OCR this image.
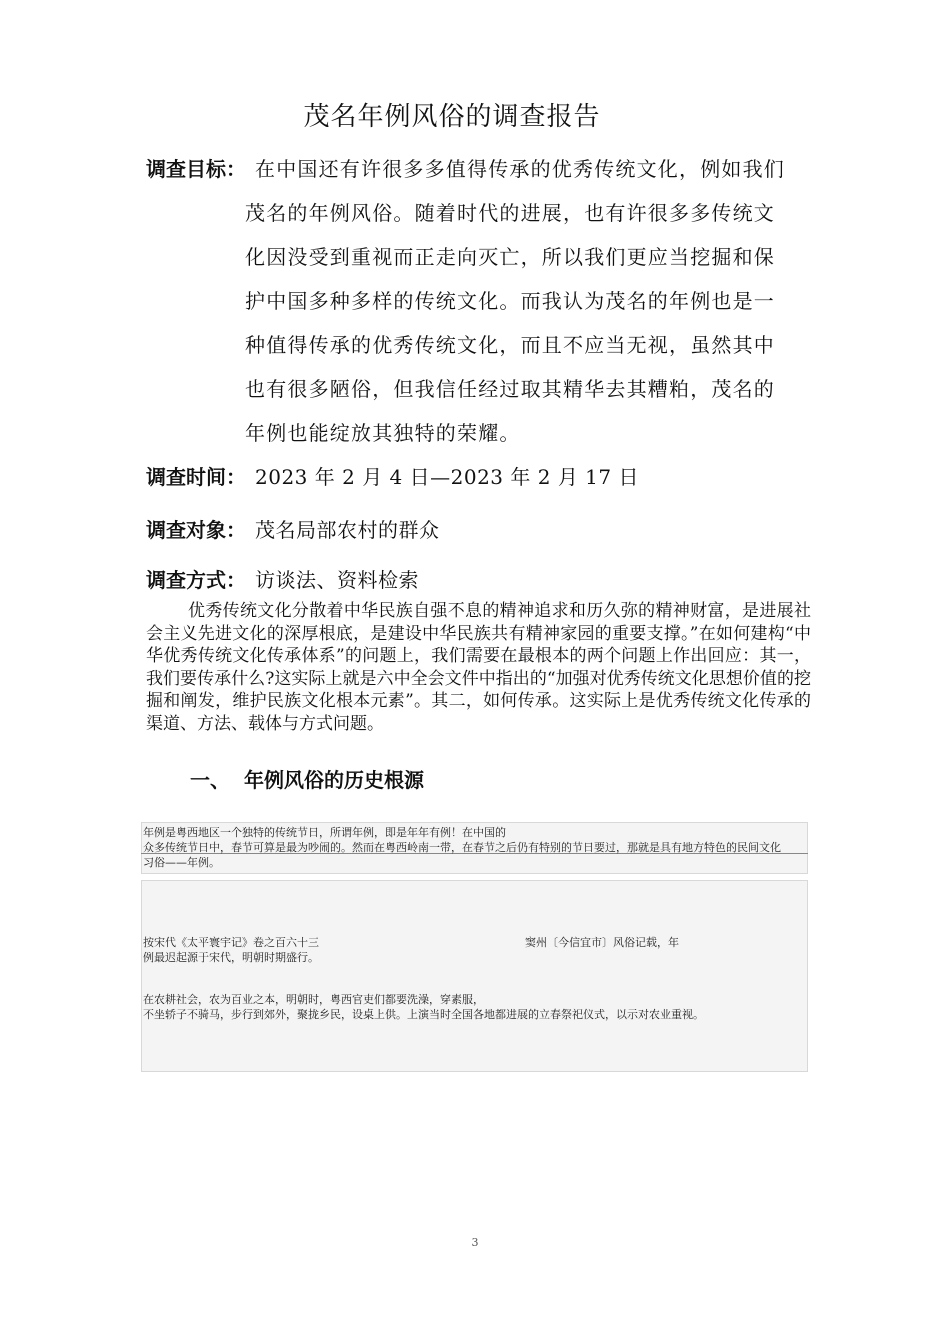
茂名年例风俗的调查报告
调查目标： 在中国还有许很多多值得传承的优秀传统文化，例如我们
茂名的年例风俗。随着时代的进展，也有许很多多传统文
化因没受到重视而正走向灭亡，所以我们更应当挖掘和保
护中国多种多样的传统文化。而我认为茂名的年例也是一
种值得传承的优秀传统文化，而且不应当无视，虽然其中
也有很多陋俗，但我信任经过取其精华去其糟粕，茂名的
年例也能绽放其独特的荣耀。
调查时间： 2023 年 2 月 4 日—2023 年 2 月 17 日
调查对象： 茂名局部农村的群众
调查方式： 访谈法、资料检索
优秀传统文化分散着中华民族自强不息的精神追求和历久弥的精神财富，是进展社会主义先进文化的深厚根底，是建设中华民族共有精神家园的重要支撑。”在如何建构“中华优秀传统文化传承体系”的问题上，我们需要在最根本的两个问题上作出回应：其一，我们要传承什么?这实际上就是六中全会文件中指出的“加强对优秀传统文化思想价值的挖掘和阐发，维护民族文化根本元素”。其二，如何传承。这实际上是优秀传统文化传承的渠道、方法、载体与方式问题。
一、 年例风俗的历史根源
年例是粤西地区一个独特的传统节日，所谓年例，即是年年有例！在中国的
众多传统节日中，春节可算是最为吵闹的。然而在粤西岭南一带，在春节之后仍有特别的节日要过，那就是具有地方特色的民间文化
习俗——年例。
按宋代《太平寰宇记》卷之百六十三	窦州〔今信宜市〕风俗记载，年
例最迟起源于宋代，明朝时期盛行。
在农耕社会，农为百业之本，明朝时，粤西官吏们都要洗澡，穿素服，
不坐轿子不骑马，步行到郊外，聚拢乡民，设桌上供。上演当时全国各地都进展的立春祭祀仪式，以示对农业重视。
3
